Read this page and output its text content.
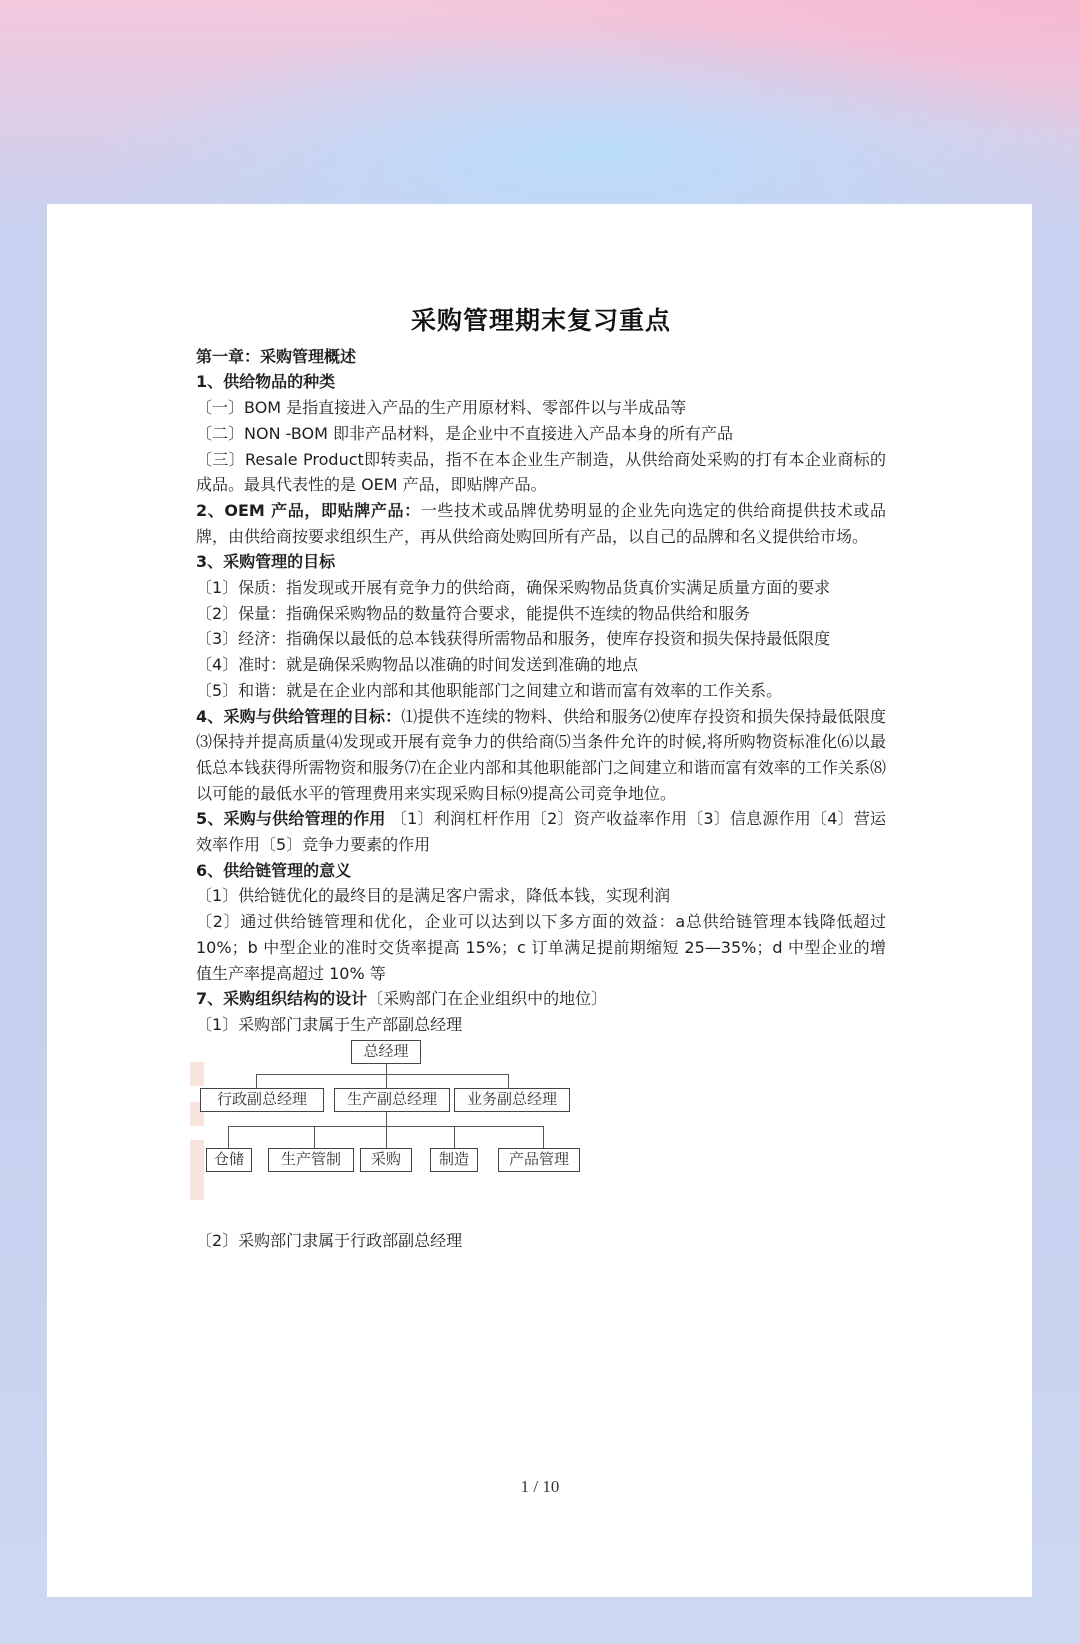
采购管理期末复习重点
第一章：采购管理概述
1、供给物品的种类
〔一〕BOM 是指直接进入产品的生产用原材料、零部件以与半成品等
〔二〕NON -BOM 即非产品材料，是企业中不直接进入产品本身的所有产品
〔三〕Resale Product即转卖品，指不在本企业生产制造，从供给商处采购的打有本企业商标的成品。最具代表性的是 OEM 产品，即贴牌产品。
2、OEM 产品，即贴牌产品：一些技术或品牌优势明显的企业先向选定的供给商提供技术或品牌，由供给商按要求组织生产，再从供给商处购回所有产品，以自己的品牌和名义提供给市场。
3、采购管理的目标
〔1〕保质：指发现或开展有竞争力的供给商，确保采购物品货真价实满足质量方面的要求
〔2〕保量：指确保采购物品的数量符合要求，能提供不连续的物品供给和服务
〔3〕经济：指确保以最低的总本钱获得所需物品和服务，使库存投资和损失保持最低限度
〔4〕准时：就是确保采购物品以准确的时间发送到准确的地点
〔5〕和谐：就是在企业内部和其他职能部门之间建立和谐而富有效率的工作关系。
4、采购与供给管理的目标：⑴提供不连续的物料、供给和服务⑵使库存投资和损失保持最低限度⑶保持并提高质量⑷发现或开展有竞争力的供给商⑸当条件允许的时候,将所购物资标准化⑹以最低总本钱获得所需物资和服务⑺在企业内部和其他职能部门之间建立和谐而富有效率的工作关系⑻以可能的最低水平的管理费用来实现采购目标⑼提高公司竞争地位。
5、采购与供给管理的作用 〔1〕利润杠杆作用〔2〕资产收益率作用〔3〕信息源作用〔4〕营运效率作用〔5〕竞争力要素的作用
6、供给链管理的意义
〔1〕供给链优化的最终目的是满足客户需求，降低本钱，实现利润
〔2〕通过供给链管理和优化，企业可以达到以下多方面的效益：a总供给链管理本钱降低超过 10%；b 中型企业的准时交货率提高 15%；c 订单满足提前期缩短 25—35%；d 中型企业的增值生产率提高超过 10% 等
7、采购组织结构的设计〔采购部门在企业组织中的地位〕
〔1〕采购部门隶属于生产部副总经理
总经理
行政副总经理	生产副总经理	业务副总经理
仓储	生产管制	采购	制造	产品管理
〔2〕采购部门隶属于行政部副总经理
1 / 10
